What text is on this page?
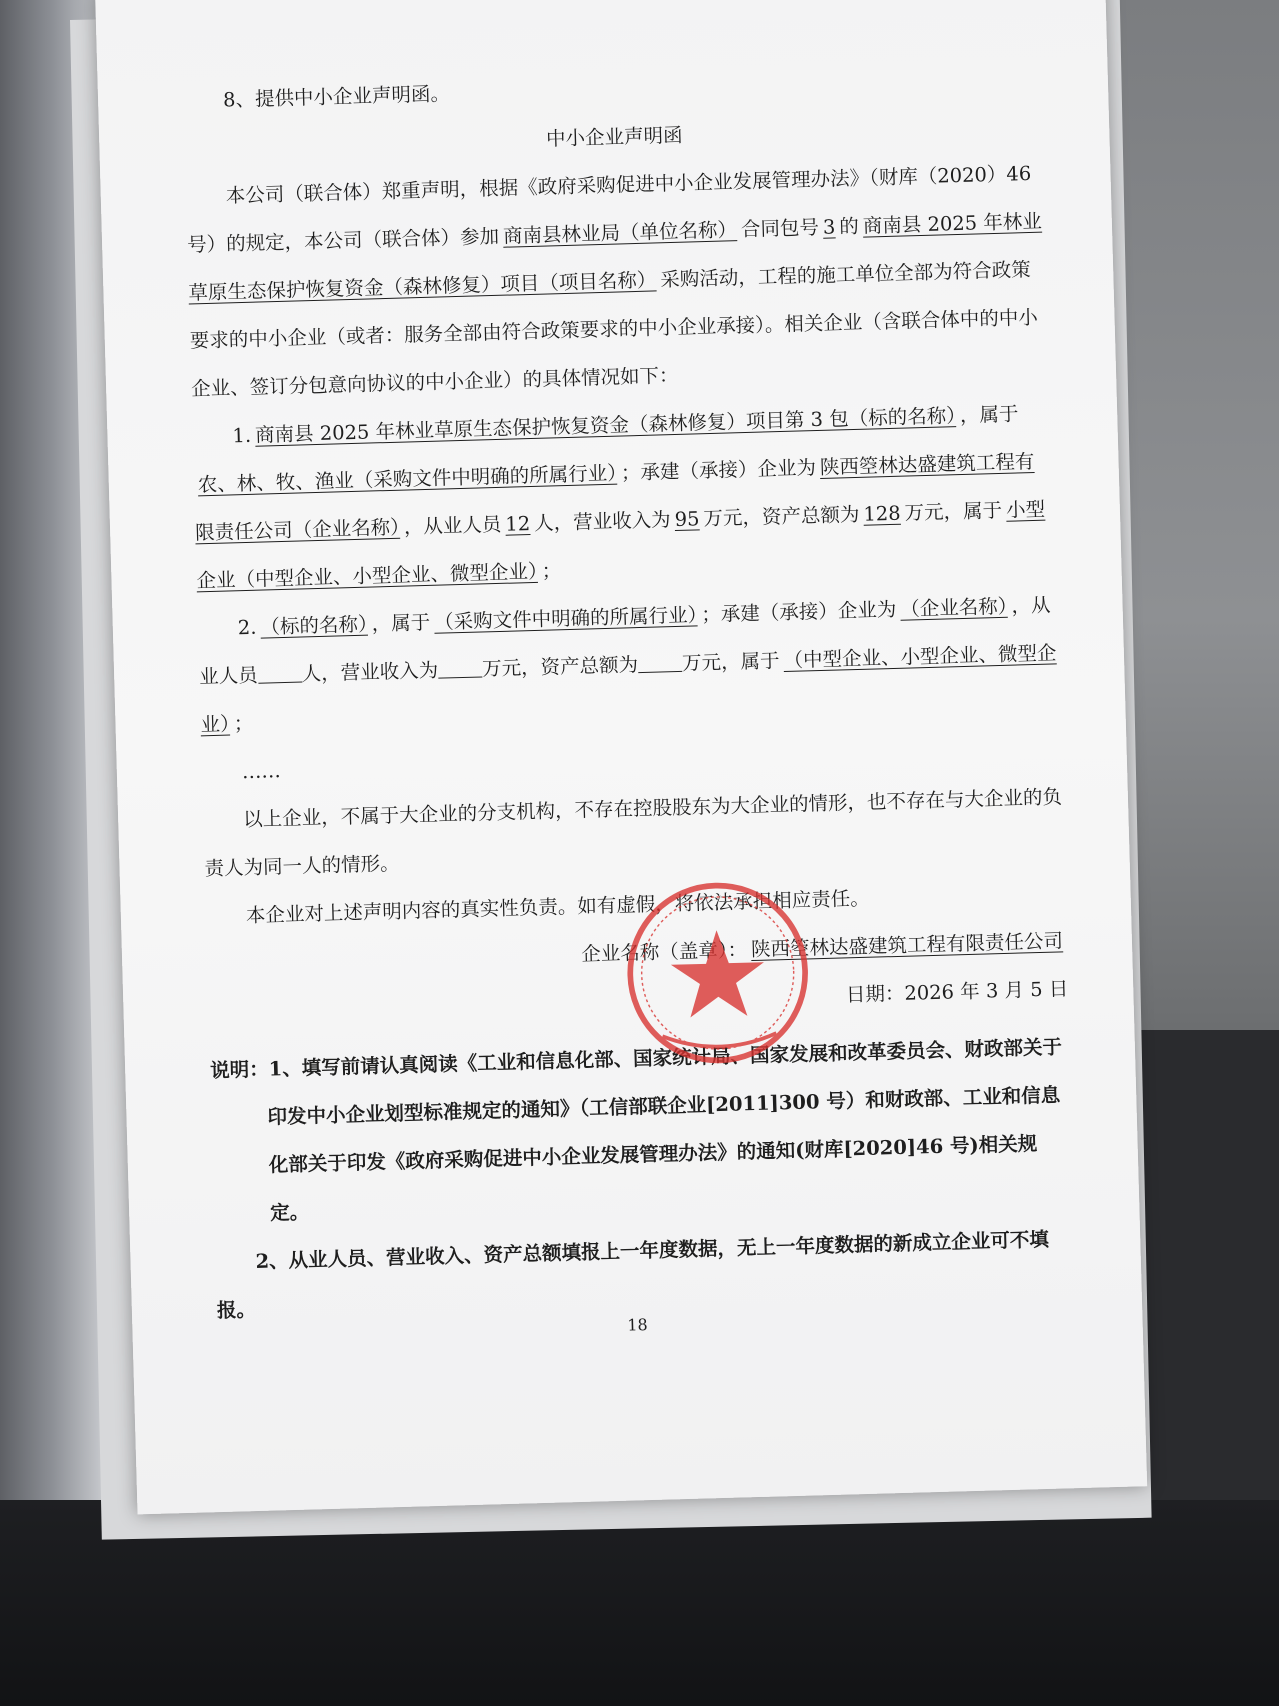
8、提供中小企业声明函。

中小企业声明函

本公司（联合体）郑重声明，根据《政府采购促进中小企业发展管理办法》（财库（2020）46 号）的规定，本公司（联合体）参加 商南县林业局（单位名称） 合同包号 3 的 商南县 2025 年林业草原生态保护恢复资金（森林修复）项目（项目名称） 采购活动，工程的施工单位全部为符合政策要求的中小企业（或者：服务全部由符合政策要求的中小企业承接）。相关企业（含联合体中的中小企业、签订分包意向协议的中小企业）的具体情况如下：

1. 商南县 2025 年林业草原生态保护恢复资金（森林修复）项目第 3 包（标的名称） ，属于农、林、牧、渔业（采购文件中明确的所属行业） ；承建（承接）企业为 陕西箜林达盛建筑工程有限责任公司（企业名称） ，从业人员 12 人，营业收入为 95 万元，资产总额为 128 万元，属于 小型企业（中型企业、小型企业、微型企业） ；

2. （标的名称） ，属于 （采购文件中明确的所属行业） ；承建（承接）企业为 （企业名称） ，从业人员 人，营业收入为 万元，资产总额为 万元，属于 （中型企业、小型企业、微型企业） ；

……

以上企业，不属于大企业的分支机构，不存在控股股东为大企业的情形，也不存在与大企业的负责人为同一人的情形。

本企业对上述声明内容的真实性负责。如有虚假，将依法承担相应责任。

企业名称（盖章）： 陕西箜林达盛建筑工程有限责任公司

日期：2026 年 3 月 5 日

说明：1、填写前请认真阅读《工业和信息化部、国家统计局、国家发展和改革委员会、财政部关于印发中小企业划型标准规定的通知》（工信部联企业[2011]300 号）和财政部、工业和信息化部关于印发《政府采购促进中小企业发展管理办法》的通知(财库[2020]46 号)相关规定。

2、从业人员、营业收入、资产总额填报上一年度数据，无上一年度数据的新成立企业可不填报。

18
